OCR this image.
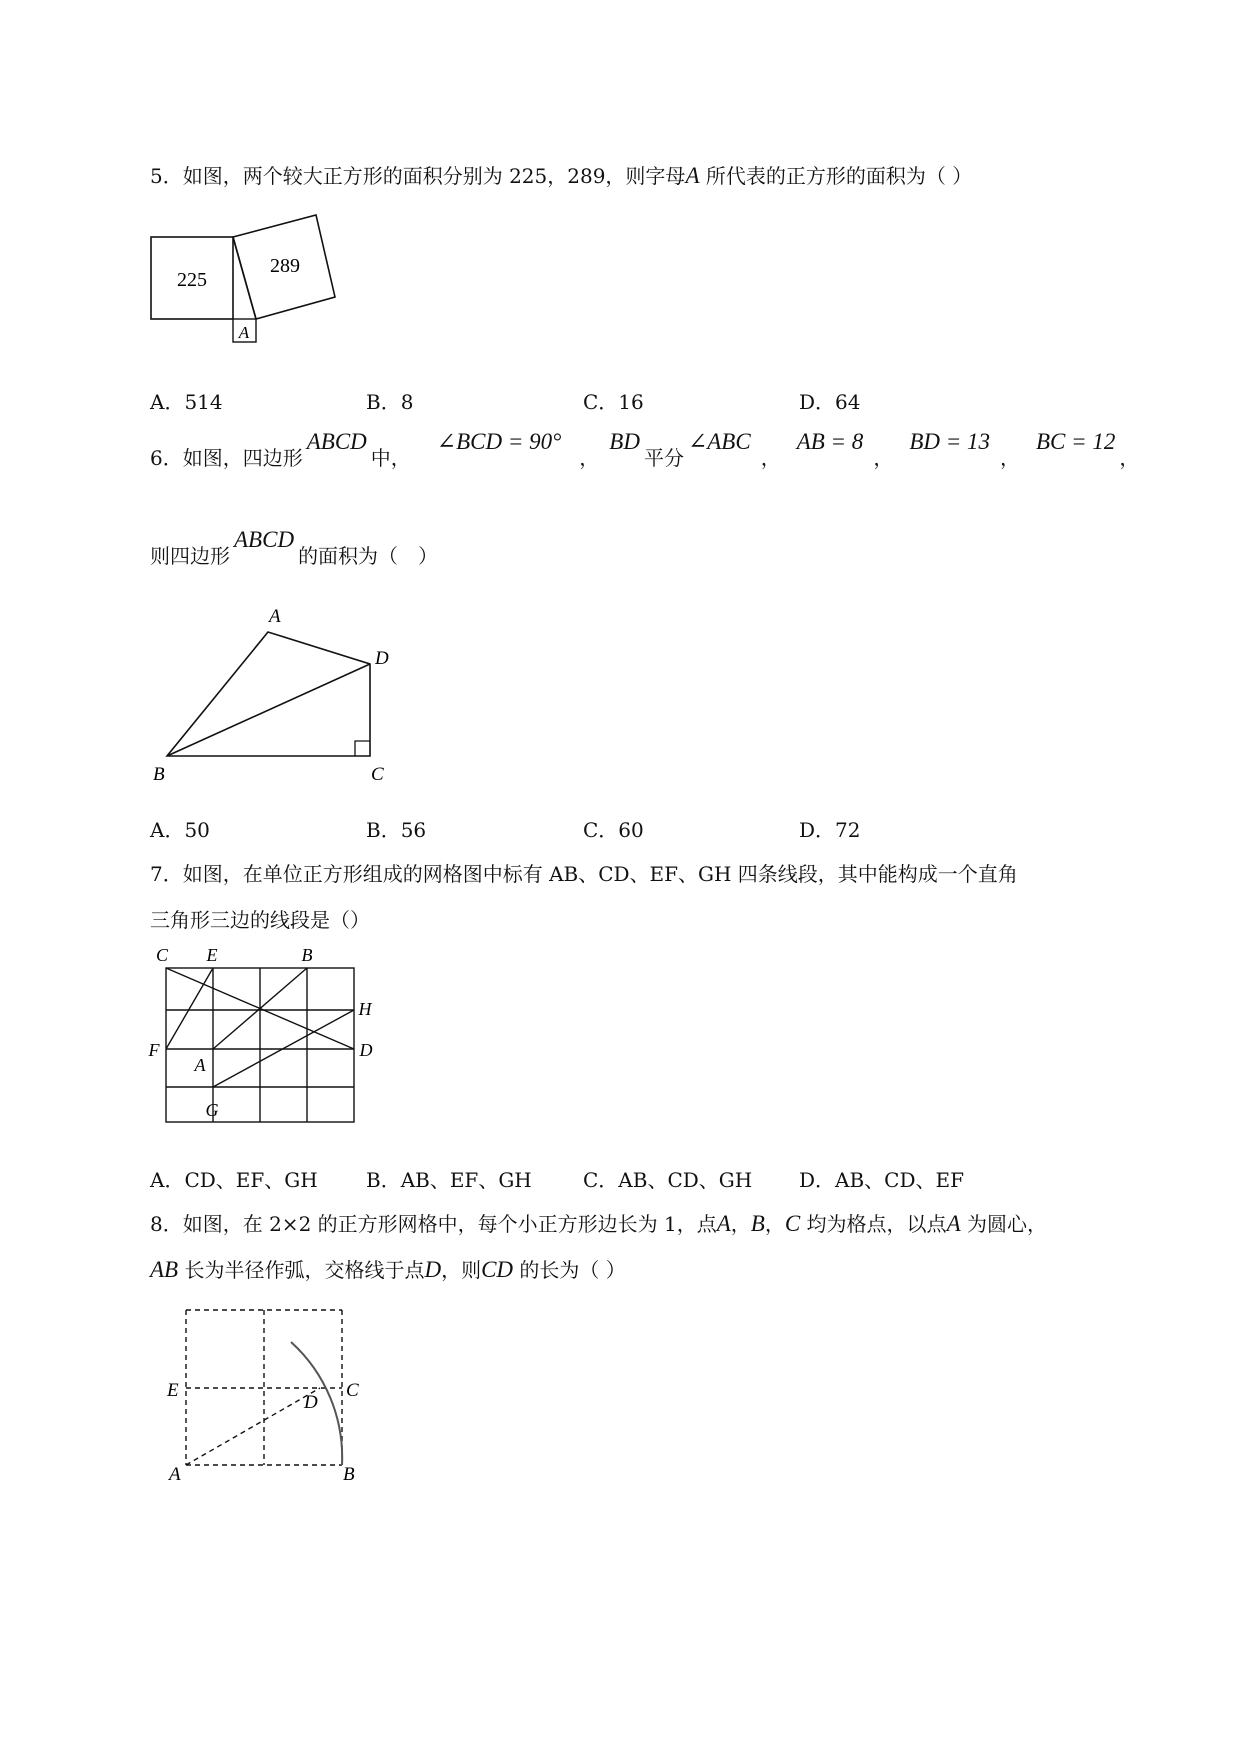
5．如图，两个较大正方形的面积分别为 225，289，则字母A 所代表的正方形的面积为（ ）
225
289
A
A．514	B．8	C．16	D．64
6．如图，四边形ABCD中，∠BCD = 90°，BD平分∠ABC，AB = 8，BD = 13，BC = 12，
则四边形ABCD的面积为（　）
A
D
B	C
A．50	B．56	C．60	D．72
7．如图，在单位正方形组成的网格图中标有 AB、CD、EF、GH 四条线段，其中能构成一个直角
三角形三边的线段是（）
C E	B
H
F	D
A
G
A．CD、EF、GH B．AB、EF、GH	C．AB、CD、GH D．AB、CD、EF
8．如图，在 2×2 的正方形网格中，每个小正方形边长为 1，点A，B，C 均为格点，以点A 为圆心，
AB 长为半径作弧，交格线于点D，则CD 的长为（ ）
E	C
D
A	B
